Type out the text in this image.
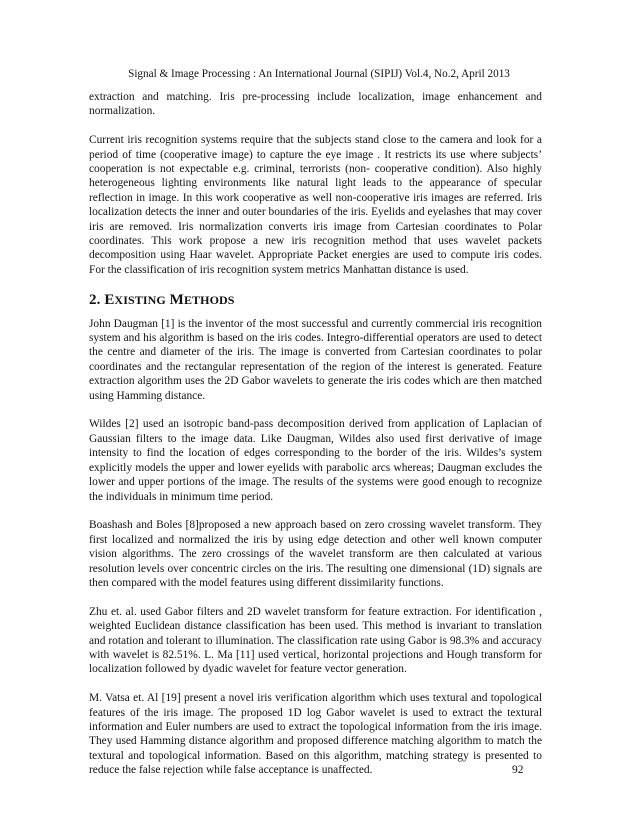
Signal & Image Processing : An International Journal (SIPIJ) Vol.4, No.2, April 2013

extraction and matching. Iris pre-processing include localization, image enhancement and normalization.

Current iris recognition systems require that the subjects stand close to the camera and look for a period of time (cooperative image) to capture the eye image . It restricts its use where subjects’ cooperation is not expectable e.g. criminal, terrorists (non- cooperative condition). Also highly heterogeneous lighting environments like natural light leads to the appearance of specular reflection in image. In this work cooperative as well non-cooperative iris images are referred. Iris localization detects the inner and outer boundaries of the iris. Eyelids and eyelashes that may cover iris are removed. Iris normalization converts iris image from Cartesian coordinates to Polar coordinates. This work propose a new iris recognition method that uses wavelet packets decomposition using Haar wavelet. Appropriate Packet energies are used to compute iris codes. For the classification of iris recognition system metrics Manhattan distance is used.

2. EXISTING METHODS

John Daugman [1] is the inventor of the most successful and currently commercial iris recognition system and his algorithm is based on the iris codes. Integro-differential operators are used to detect the centre and diameter of the iris. The image is converted from Cartesian coordinates to polar coordinates and the rectangular representation of the region of the interest is generated. Feature extraction algorithm uses the 2D Gabor wavelets to generate the iris codes which are then matched using Hamming distance.

Wildes [2] used an isotropic band-pass decomposition derived from application of Laplacian of Gaussian filters to the image data. Like Daugman, Wildes also used first derivative of image intensity to find the location of edges corresponding to the border of the iris. Wildes’s system explicitly models the upper and lower eyelids with parabolic arcs whereas; Daugman excludes the lower and upper portions of the image. The results of the systems were good enough to recognize the individuals in minimum time period.

Boashash and Boles [8]proposed a new approach based on zero crossing wavelet transform. They first localized and normalized the iris by using edge detection and other well known computer vision algorithms. The zero crossings of the wavelet transform are then calculated at various resolution levels over concentric circles on the iris. The resulting one dimensional (1D) signals are then compared with the model features using different dissimilarity functions.

Zhu et. al. used Gabor filters and 2D wavelet transform for feature extraction. For identification , weighted Euclidean distance classification has been used. This method is invariant to translation and rotation and tolerant to illumination. The classification rate using Gabor is 98.3% and accuracy with wavelet is 82.51%. L. Ma [11] used vertical, horizontal projections and Hough transform for localization followed by dyadic wavelet for feature vector generation.

M. Vatsa et. Al [19] present a novel iris verification algorithm which uses textural and topological features of the iris image. The proposed 1D log Gabor wavelet is used to extract the textural information and Euler numbers are used to extract the topological information from the iris image. They used Hamming distance algorithm and proposed difference matching algorithm to match the textural and topological information. Based on this algorithm, matching strategy is presented to reduce the false rejection while false acceptance is unaffected.	92
